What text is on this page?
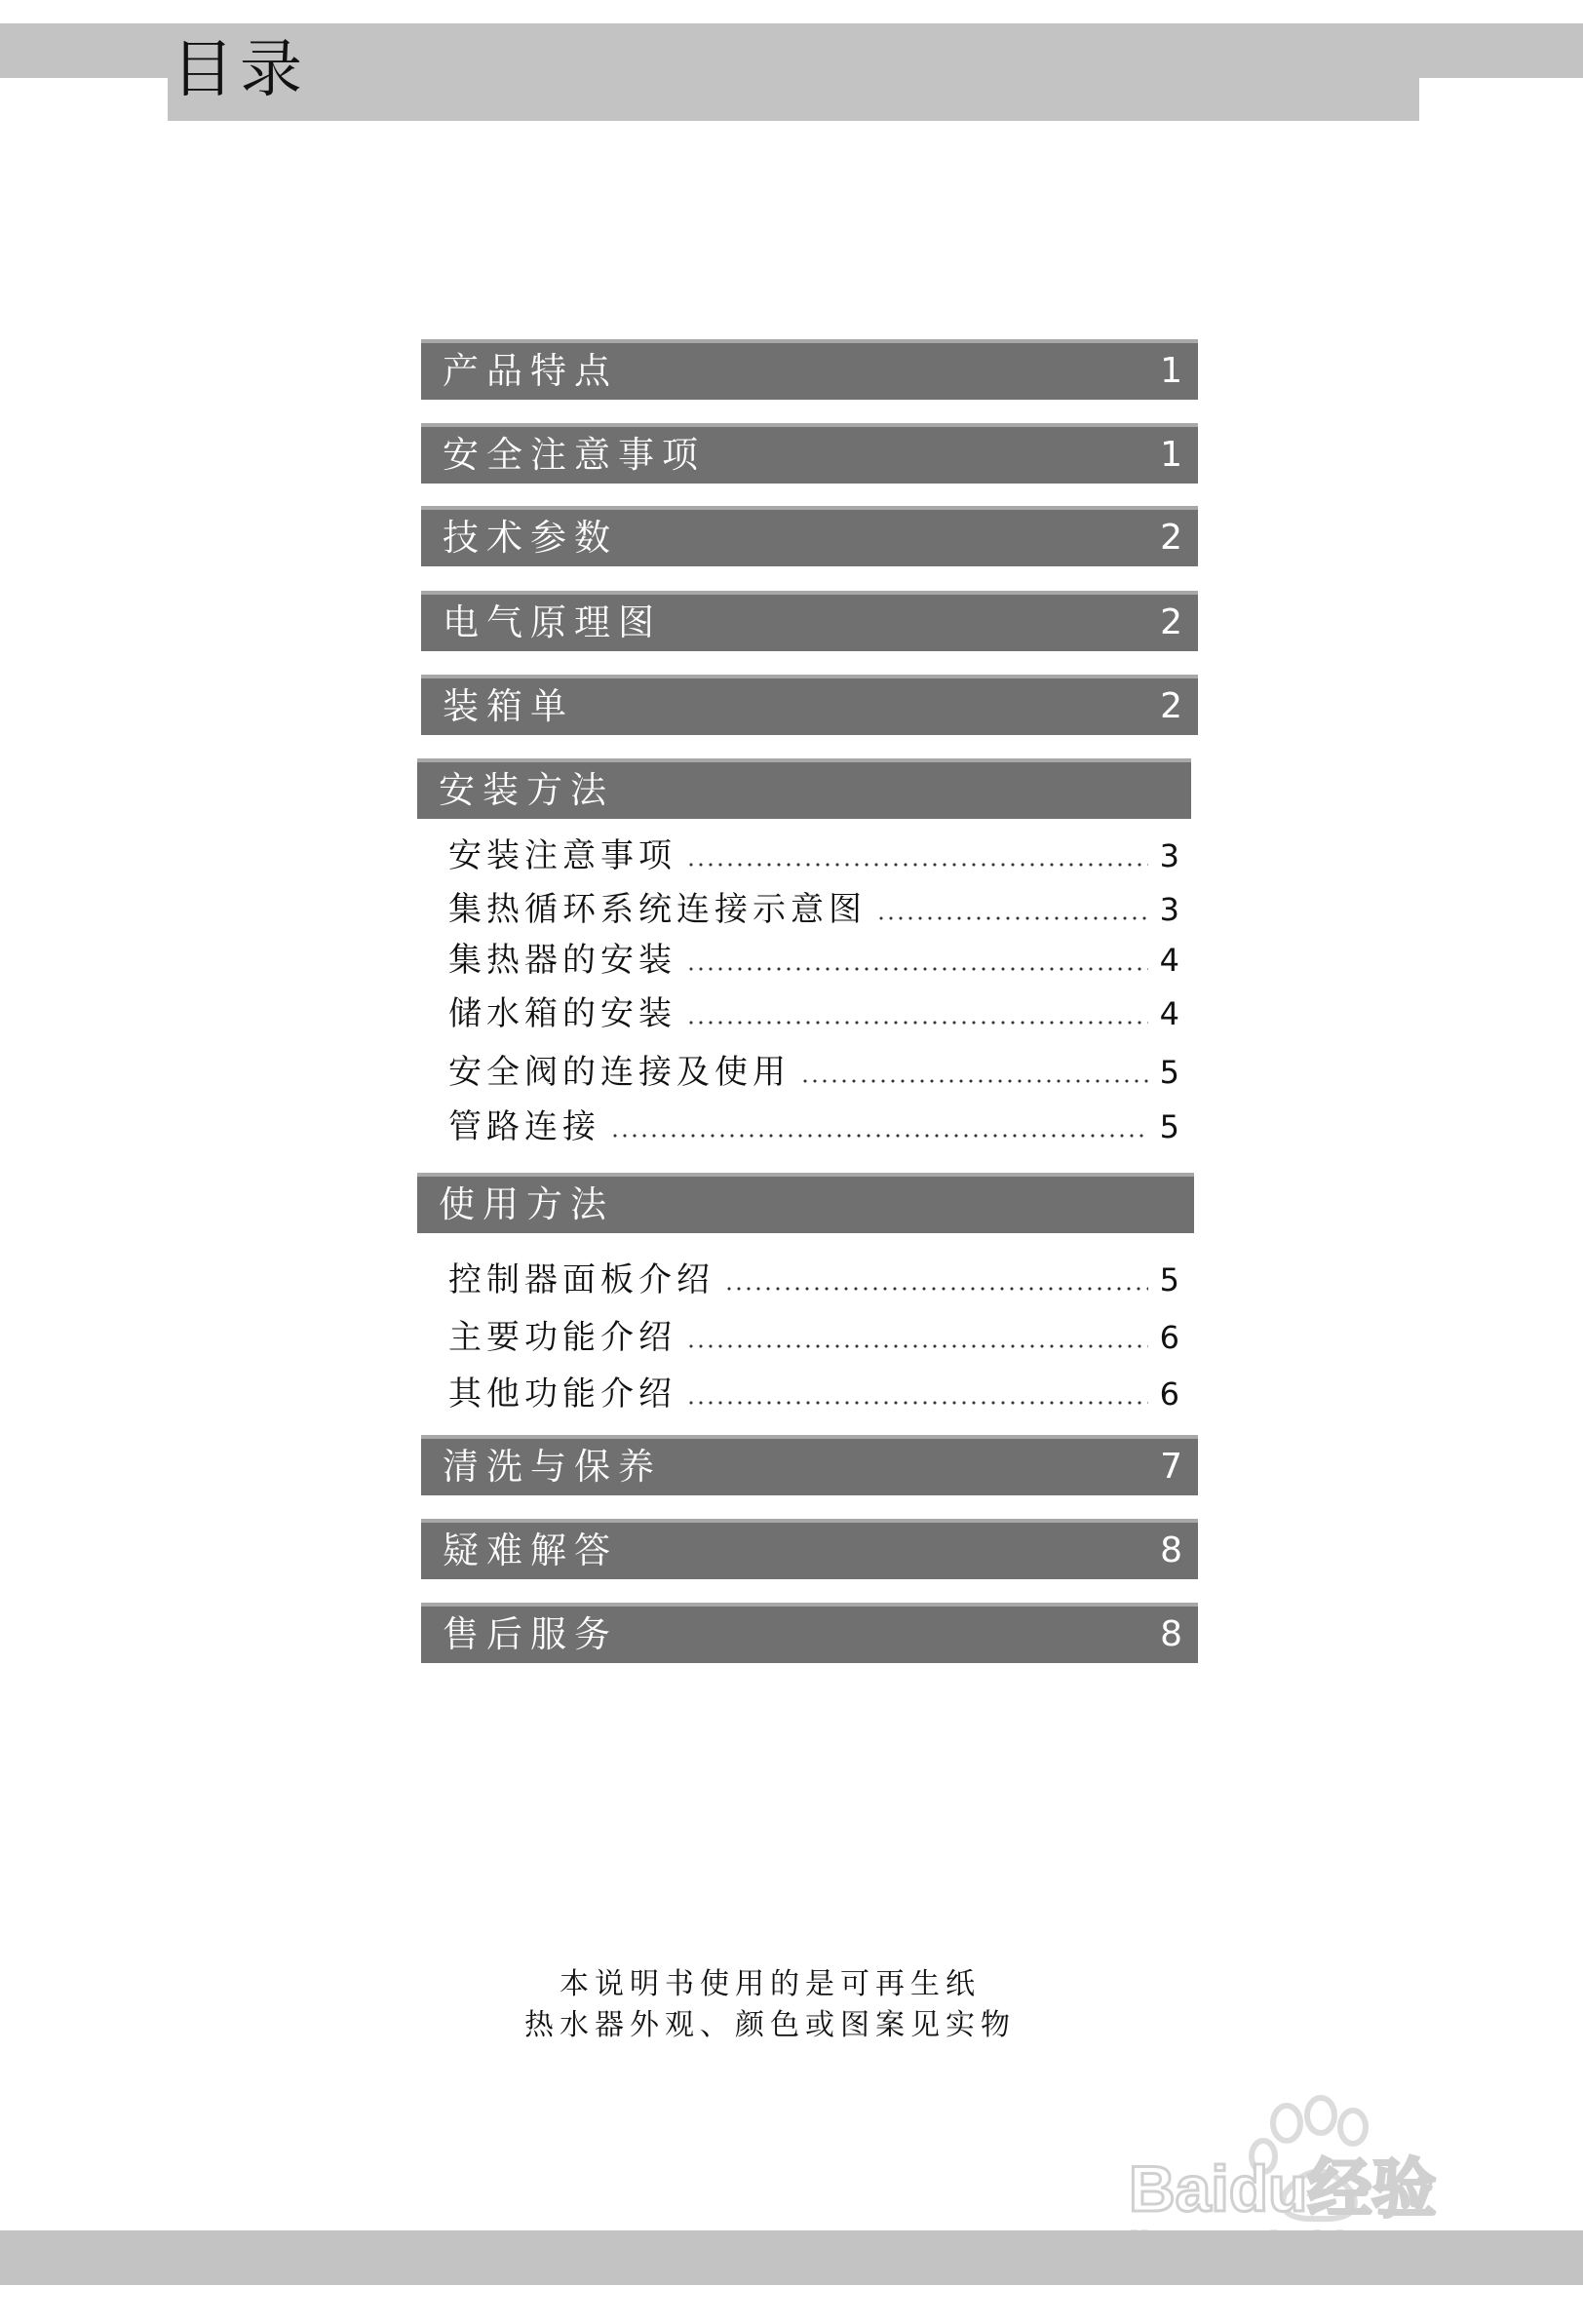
目录
产品特点	1
安全注意事项	1
技术参数	2
电气原理图	2
装箱单	2
安装方法
安装注意事项	3
集热循环系统连接示意图	3
集热器的安装	4
储水箱的安装	4
安全阀的连接及使用	5
管路连接	5
使用方法
控制器面板介绍	5
主要功能介绍	6
其他功能介绍	6
清洗与保养	7
疑难解答	8
售后服务	8
本说明书使用的是可再生纸
热水器外观、颜色或图案见实物
Baidu经验
